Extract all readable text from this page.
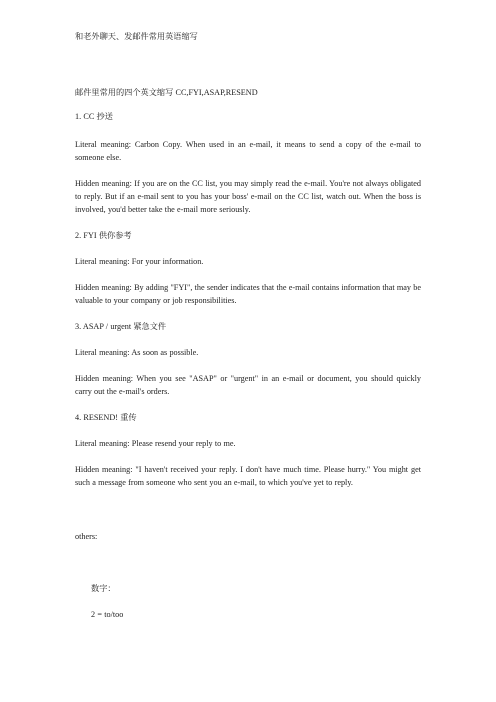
和老外聊天、发邮件常用英语缩写

邮件里常用的四个英文缩写 CC,FYI,ASAP,RESEND

1. CC 抄送

Literal meaning: Carbon Copy. When used in an e-mail, it means to send a copy of the e-mail to someone else.

Hidden meaning: If you are on the CC list, you may simply read the e-mail. You're not always obligated to reply. But if an e-mail sent to you has your boss' e-mail on the CC list, watch out. When the boss is involved, you'd better take the e-mail more seriously.

2. FYI 供你参考

Literal meaning: For your information.

Hidden meaning: By adding "FYI", the sender indicates that the e-mail contains information that may be valuable to your company or job responsibilities.

3. ASAP / urgent 紧急文件

Literal meaning: As soon as possible.

Hidden meaning: When you see "ASAP" or "urgent" in an e-mail or document, you should quickly carry out the e-mail's orders.

4. RESEND! 重传

Literal meaning: Please resend your reply to me.

Hidden meaning: "I haven't received your reply. I don't have much time. Please hurry." You might get such a message from someone who sent you an e-mail, to which you've yet to reply.

others:

数字：

2 = to/too
